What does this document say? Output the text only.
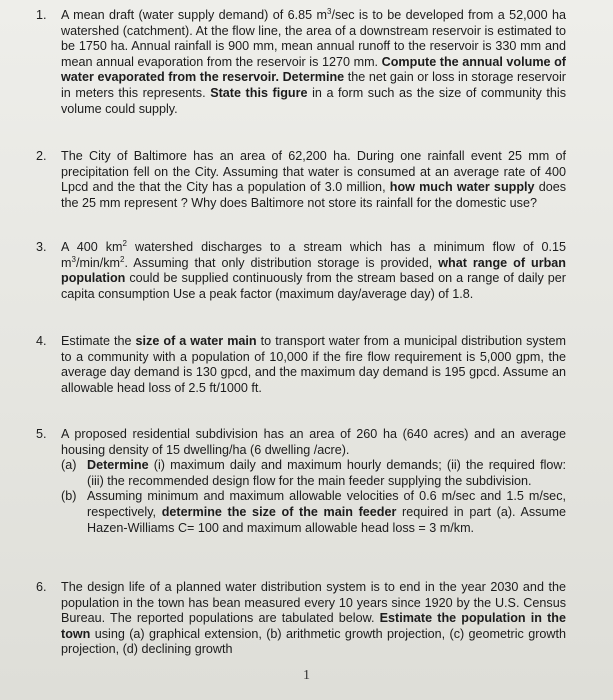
1.	A mean draft (water supply demand) of 6.85 $m^3/\sec$ is to be developed from a 52,000 ha watershed (catchment). At the flow line, the area of a downstream reservoir is estimated to be 1750 ha. Annual rainfall is 900 mm, mean annual runoff to the reservoir is 330 mm and mean annual evaporation from the reservoir is 1270 mm. Compute the annual volume of water evaporated from the reservoir. Determine the net gain or loss in storage reservoir in meters this represents. State this figure in a form such as the size of community this volume could supply.
2.	The City of Baltimore has an area of 62,200 ha. During one rainfall event 25 mm of precipitation fell on the City. Assuming that water is consumed at an average rate of 400 Lpcd and the that the City has a population of 3.0 million, how much water supply does the 25 mm represent ? Why does Baltimore not store its rainfall for the domestic use?
3.	A 400 $km^2$ watershed discharges to a stream which has a minimum flow of 0.15 $m^3/\min/km^2$. Assuming that only distribution storage is provided, what range of urban population could be supplied continuously from the stream based on a range of daily per capita consumption Use a peak factor (maximum day/average day) of 1.8.
4.	Estimate the size of a water main to transport water from a municipal distribution system to a community with a population of 10,000 if the fire flow requirement is 5,000 gpm, the average day demand is 130 gpcd, and the maximum day demand is 195 gpcd. Assume an allowable head loss of 2.5 ft/1000 ft.
5.	A proposed residential subdivision has an area of 260 ha (640 acres) and an average housing density of 15 dwelling/ha (6 dwelling /acre).
(a) Determine (i) maximum daily and maximum hourly demands; (ii) the required flow: (iii) the recommended design flow for the main feeder supplying the subdivision.
(b) Assuming minimum and maximum allowable velocities of 0.6 m/sec and 1.5 m/sec, respectively, determine the size of the main feeder required in part (a). Assume Hazen-Williams C= 100 and maximum allowable head loss = 3 m/km.
6.	The design life of a planned water distribution system is to end in the year 2030 and the population in the town has bean measured every 10 years since 1920 by the U.S. Census Bureau. The reported populations are tabulated below. Estimate the population in the town using (a) graphical extension, (b) arithmetic growth projection, (c) geometric growth projection, (d) declining growth
1
